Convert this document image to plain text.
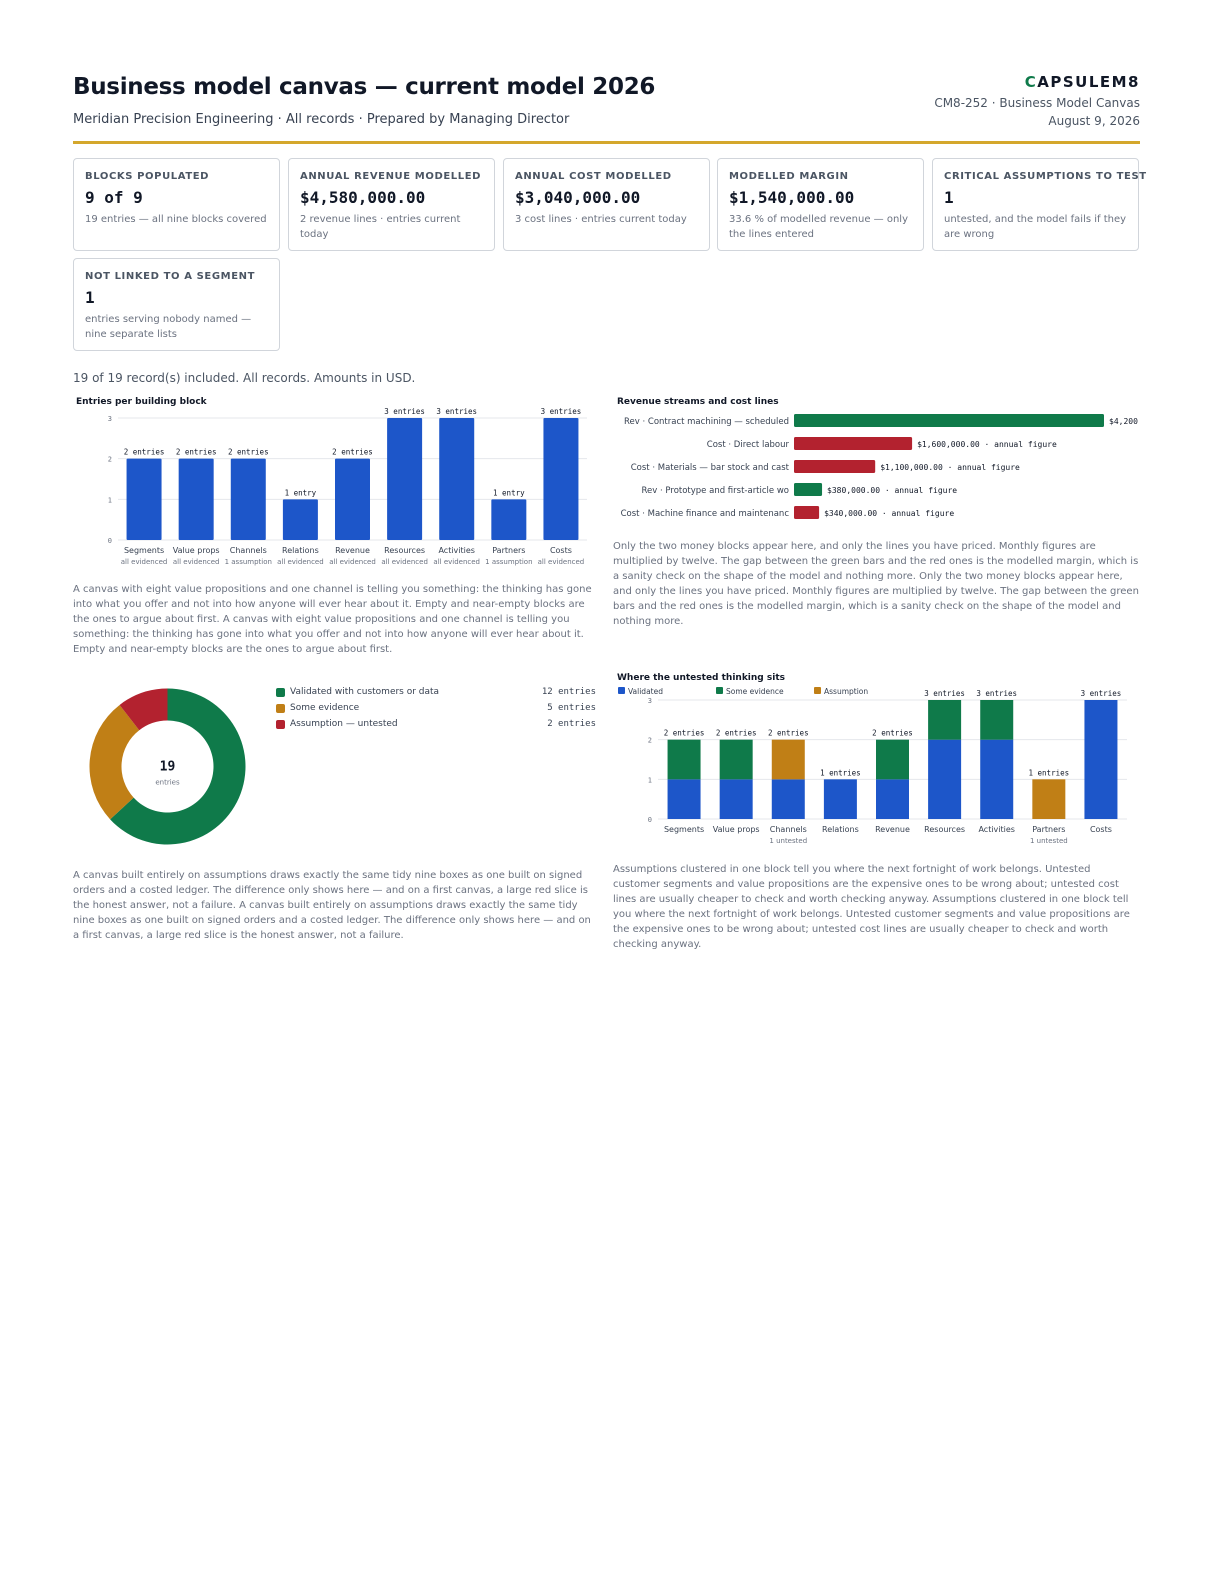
Business model canvas — current model 2026
Meridian Precision Engineering · All records · Prepared by Managing Director
CAPSULEM8
CM8-252 · Business Model Canvas
August 9, 2026
BLOCKS POPULATED
9 of 9
19 entries — all nine blocks covered
ANNUAL REVENUE MODELLED
$4,580,000.00
2 revenue lines · entries current today
ANNUAL COST MODELLED
$3,040,000.00
3 cost lines · entries current today
MODELLED MARGIN
$1,540,000.00
33.6 % of modelled revenue — only the lines entered
CRITICAL ASSUMPTIONS TO TEST
1
untested, and the model fails if they are wrong
NOT LINKED TO A SEGMENT
1
entries serving nobody named — nine separate lists
19 of 19 record(s) included. All records. Amounts in USD.
Entries per building block
0
1
2
3
2 entries
Segments
all evidenced
2 entries
Value props
all evidenced
2 entries
Channels
1 assumption
1 entry
Relations
all evidenced
2 entries
Revenue
all evidenced
3 entries
Resources
all evidenced
3 entries
Activities
all evidenced
1 entry
Partners
1 assumption
3 entries
Costs
all evidenced
A canvas with eight value propositions and one channel is telling you something: the thinking has gone into what you offer and not into how anyone will ever hear about it. Empty and near-empty blocks are the ones to argue about first. A canvas with eight value propositions and one channel is telling you something: the thinking has gone into what you offer and not into how anyone will ever hear about it. Empty and near-empty blocks are the ones to argue about first.
Revenue streams and cost lines
Rev · Contract machining — scheduled	$4,200
Cost · Direct labour	$1,600,000.00 · annual figure
Cost · Materials — bar stock and cast	$1,100,000.00 · annual figure
Rev · Prototype and first-article wo	$380,000.00 · annual figure
Cost · Machine finance and maintenanc	$340,000.00 · annual figure
Only the two money blocks appear here, and only the lines you have priced. Monthly figures are multiplied by twelve. The gap between the green bars and the red ones is the modelled margin, which is a sanity check on the shape of the model and nothing more. Only the two money blocks appear here, and only the lines you have priced. Monthly figures are multiplied by twelve. The gap between the green bars and the red ones is the modelled margin, which is a sanity check on the shape of the model and nothing more.
19
entries
Validated with customers or data	12 entries
Some evidence	5 entries
Assumption — untested	2 entries
A canvas built entirely on assumptions draws exactly the same tidy nine boxes as one built on signed orders and a costed ledger. The difference only shows here — and on a first canvas, a large red slice is the honest answer, not a failure. A canvas built entirely on assumptions draws exactly the same tidy nine boxes as one built on signed orders and a costed ledger. The difference only shows here — and on a first canvas, a large red slice is the honest answer, not a failure.
Where the untested thinking sits
Validated	Some evidence	Assumption
0
1
2
3
2 entries
Segments
2 entries
Value props
2 entries
Channels
1 untested
1 entries
Relations
2 entries
Revenue
3 entries
Resources
3 entries
Activities
1 entries
Partners
1 untested
3 entries
Costs
Assumptions clustered in one block tell you where the next fortnight of work belongs. Untested customer segments and value propositions are the expensive ones to be wrong about; untested cost lines are usually cheaper to check and worth checking anyway. Assumptions clustered in one block tell you where the next fortnight of work belongs. Untested customer segments and value propositions are the expensive ones to be wrong about; untested cost lines are usually cheaper to check and worth checking anyway.
